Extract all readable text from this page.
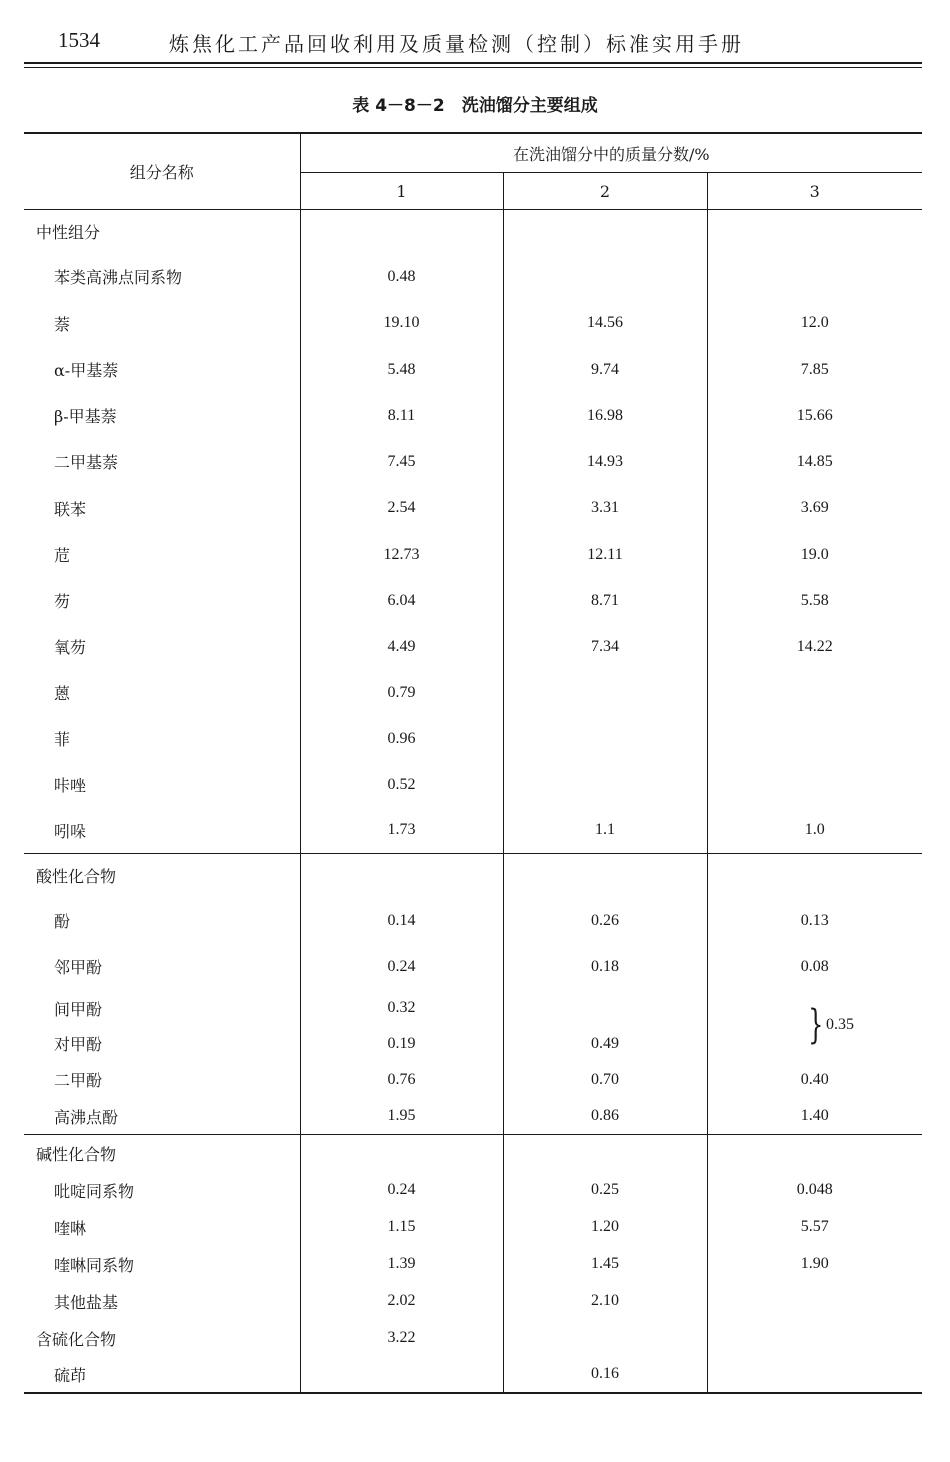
1534	炼焦化工产品回收利用及质量检测（控制）标准实用手册
表 4－8－2　洗油馏分主要组成
组分名称	在洗油馏分中的质量分数/%		
	1	2	3
中性组分			
苯类高沸点同系物	0.48		
萘	19.10	14.56	12.0
α-甲基萘	5.48	9.74	7.85
β-甲基萘	8.11	16.98	15.66
二甲基萘	7.45	14.93	14.85
联苯	2.54	3.31	3.69
苊	12.73	12.11	19.0
芴	6.04	8.71	5.58
氧芴	4.49	7.34	14.22
蒽	0.79		
菲	0.96		
咔唑	0.52		
吲哚	1.73	1.1	1.0
酸性化合物			
酚	0.14	0.26	0.13
邻甲酚	0.24	0.18	0.08
间甲酚	0.32		
对甲酚	0.19	0.49	} 0.35

二甲酚	0.76	0.70	0.40
高沸点酚	1.95	0.86	1.40
碱性化合物			
吡啶同系物	0.24	0.25	0.048
喹啉	1.15	1.20	5.57
喹啉同系物	1.39	1.45	1.90
其他盐基	2.02	2.10	
含硫化合物	3.22		
硫茚		0.16	
